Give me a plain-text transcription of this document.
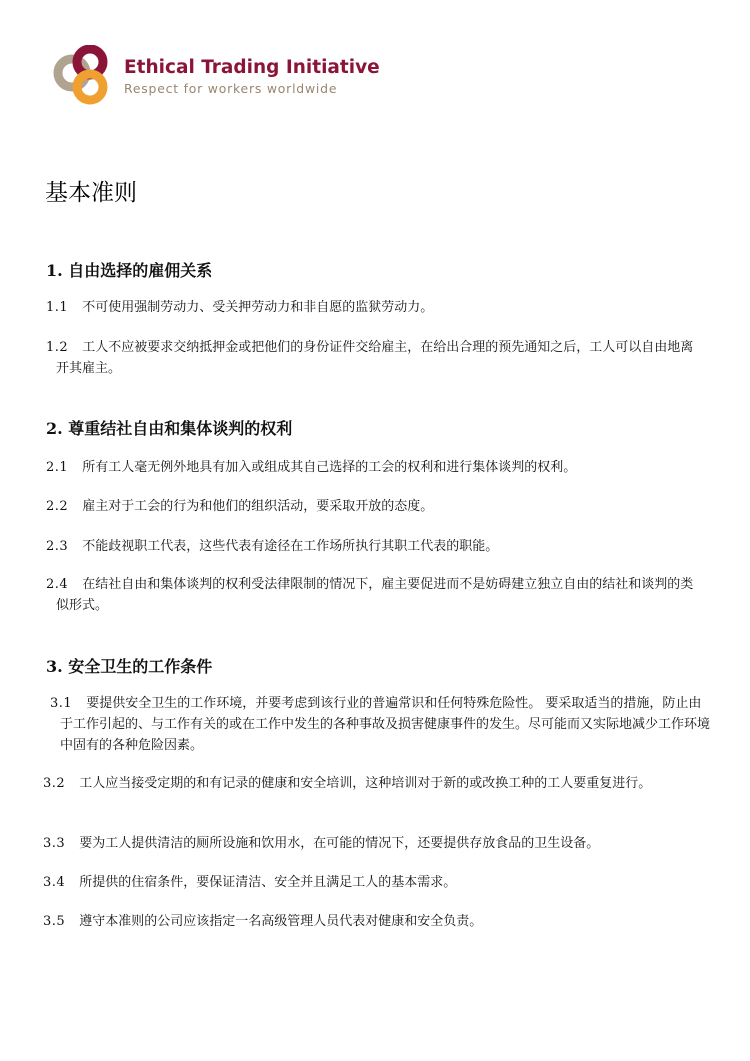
Ethical Trading Initiative
Respect for workers worldwide
基本准则
1. 自由选择的雇佣关系
1.1 不可使用强制劳动力、受关押劳动力和非自愿的监狱劳动力。
1.2 工人不应被要求交纳抵押金或把他们的身份证件交给雇主，在给出合理的预先通知之后，工人可以自由地离开其雇主。
2. 尊重结社自由和集体谈判的权利
2.1 所有工人毫无例外地具有加入或组成其自己选择的工会的权利和进行集体谈判的权利。
2.2 雇主对于工会的行为和他们的组织活动，要采取开放的态度。
2.3 不能歧视职工代表，这些代表有途径在工作场所执行其职工代表的职能。
2.4 在结社自由和集体谈判的权利受法律限制的情况下，雇主要促进而不是妨碍建立独立自由的结社和谈判的类似形式。
3. 安全卫生的工作条件
3.1 要提供安全卫生的工作环境，并要考虑到该行业的普遍常识和任何特殊危险性。 要采取适当的措施，防止由于工作引起的、与工作有关的或在工作中发生的各种事故及损害健康事件的发生。尽可能而又实际地减少工作环境中固有的各种危险因素。
3.2 工人应当接受定期的和有记录的健康和安全培训，这种培训对于新的或改换工种的工人要重复进行。
3.3 要为工人提供清洁的厕所设施和饮用水，在可能的情况下，还要提供存放食品的卫生设备。
3.4 所提供的住宿条件，要保证清洁、安全并且满足工人的基本需求。
3.5 遵守本准则的公司应该指定一名高级管理人员代表对健康和安全负责。
